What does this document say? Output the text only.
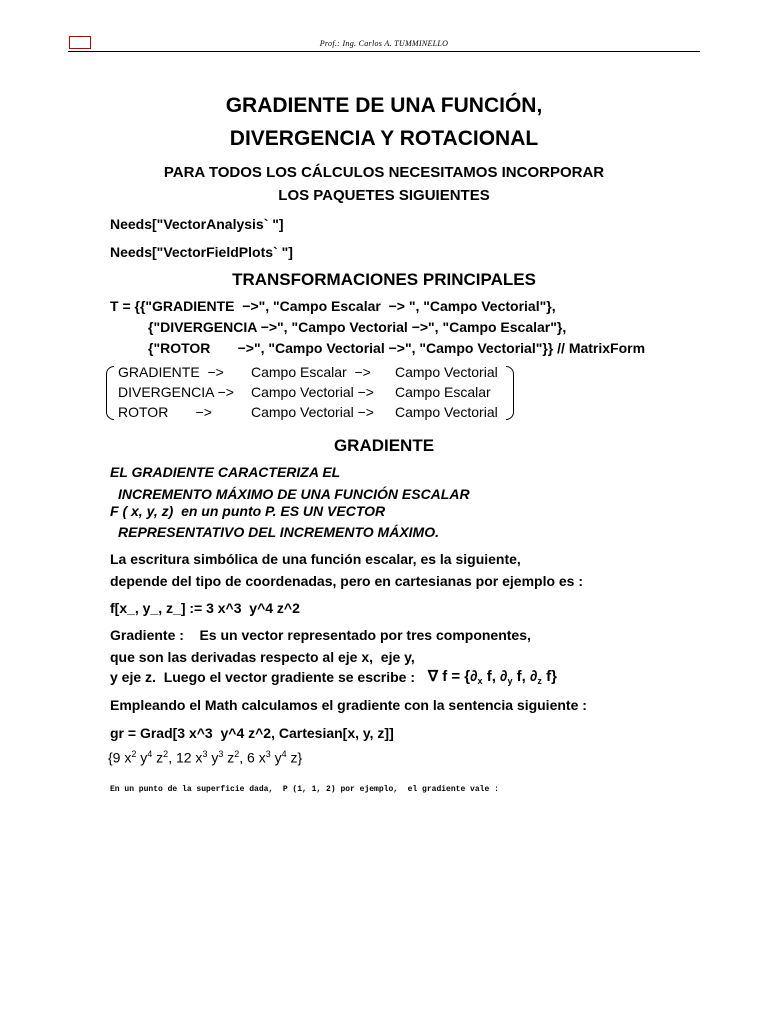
Prof.: Ing. Carlos A. TUMMINELLO
GRADIENTE DE UNA FUNCIÓN,
DIVERGENCIA Y ROTACIONAL
PARA TODOS LOS CÁLCULOS NECESITAMOS INCORPORAR
LOS PAQUETES SIGUIENTES
Needs["VectorAnalysis` "]
Needs["VectorFieldPlots` "]
TRANSFORMACIONES PRINCIPALES
T = {{"GRADIENTE  −>", "Campo Escalar  −> ", "Campo Vectorial"},
{"DIVERGENCIA −>", "Campo Vectorial −>", "Campo Escalar"},
{"ROTOR       −>", "Campo Vectorial −>", "Campo Vectorial"}} // MatrixForm
GRADIENTE  −> Campo Escalar  −> Campo Vectorial
DIVERGENCIA −> Campo Vectorial −> Campo Escalar
ROTOR       −>	Campo Vectorial −> Campo Vectorial
GRADIENTE
EL GRADIENTE CARACTERIZA EL
INCREMENTO MÁXIMO DE UNA FUNCIÓN ESCALAR
F ( x, y, z) en un punto P. ES UN VECTOR
REPRESENTATIVO DEL INCREMENTO MÁXIMO.
La escritura simbólica de una función escalar, es la siguiente,
depende del tipo de coordenadas, pero en cartesianas por ejemplo es :
f[x_, y_, z_] := 3 x^3  y^4 z^2
Gradiente :    Es un vector representado por tres componentes,
que son las derivadas respecto al eje x,  eje y,
y eje z.  Luego el vector gradiente se escribe : ∇ $f = \{\partial_x$ f, $\partial_y$ f, $\partial_z$ f}
Empleando el Math calculamos el gradiente con la sentencia siguiente :
gr = Grad[3 x^3  y^4 z^2, Cartesian[x, y, z]]
{9 $x^2$ $y^4$ $z^2$, 12 $x^3$ $y^3$ $z^2$, 6 $x^3$ $y^4$ z}
En un punto de la superficie dada,  P (1, 1, 2) por ejemplo,  el gradiente vale :
